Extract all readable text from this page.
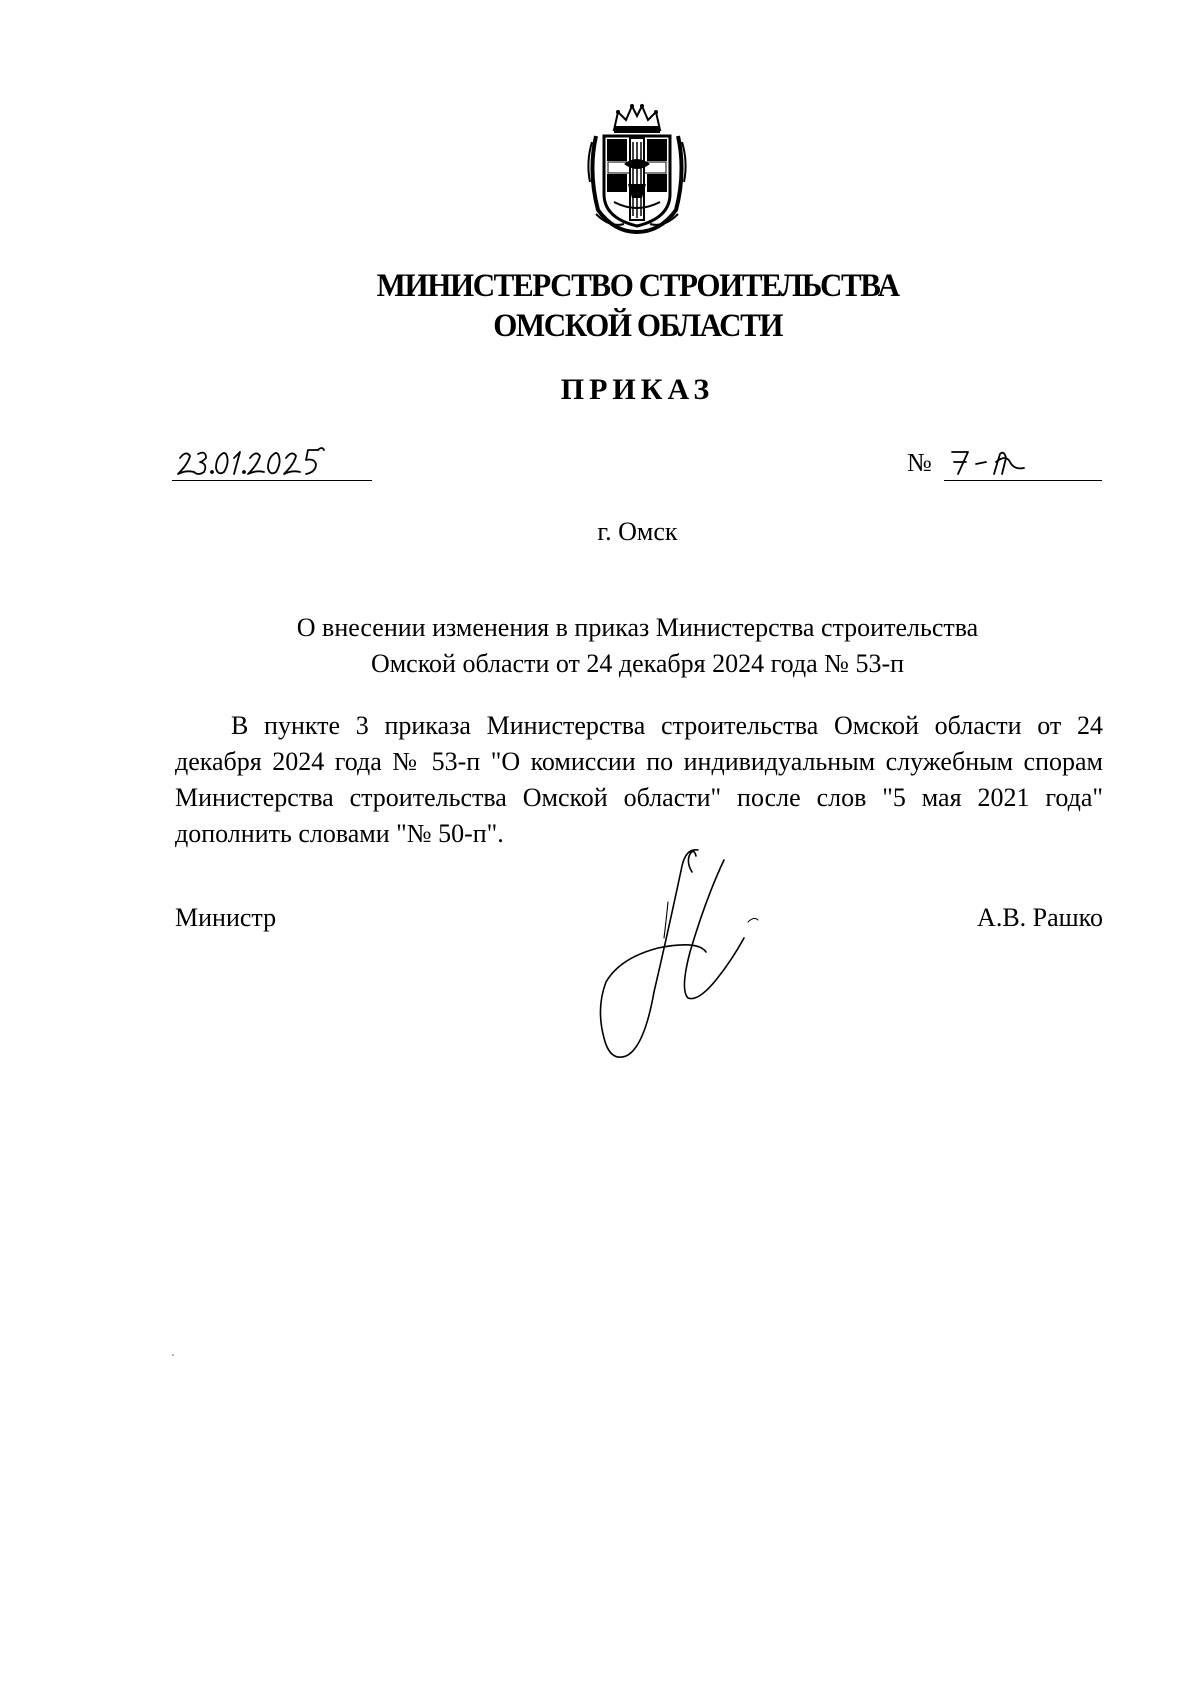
МИНИСТЕРСТВО СТРОИТЕЛЬСТВА
ОМСКОЙ ОБЛАСТИ
ПРИКАЗ
№
г. Омск
О внесении изменения в приказ Министерства строительства
Омской области от 24 декабря 2024 года № 53-п

В пункте 3 приказа Министерства строительства Омской области от 24 декабря 2024 года № 53-п "О комиссии по индивидуальным служебным спорам Министерства строительства Омской области" после слов "5 мая 2021 года" дополнить словами "№ 50-п".

Министр	А.В. Рашко
